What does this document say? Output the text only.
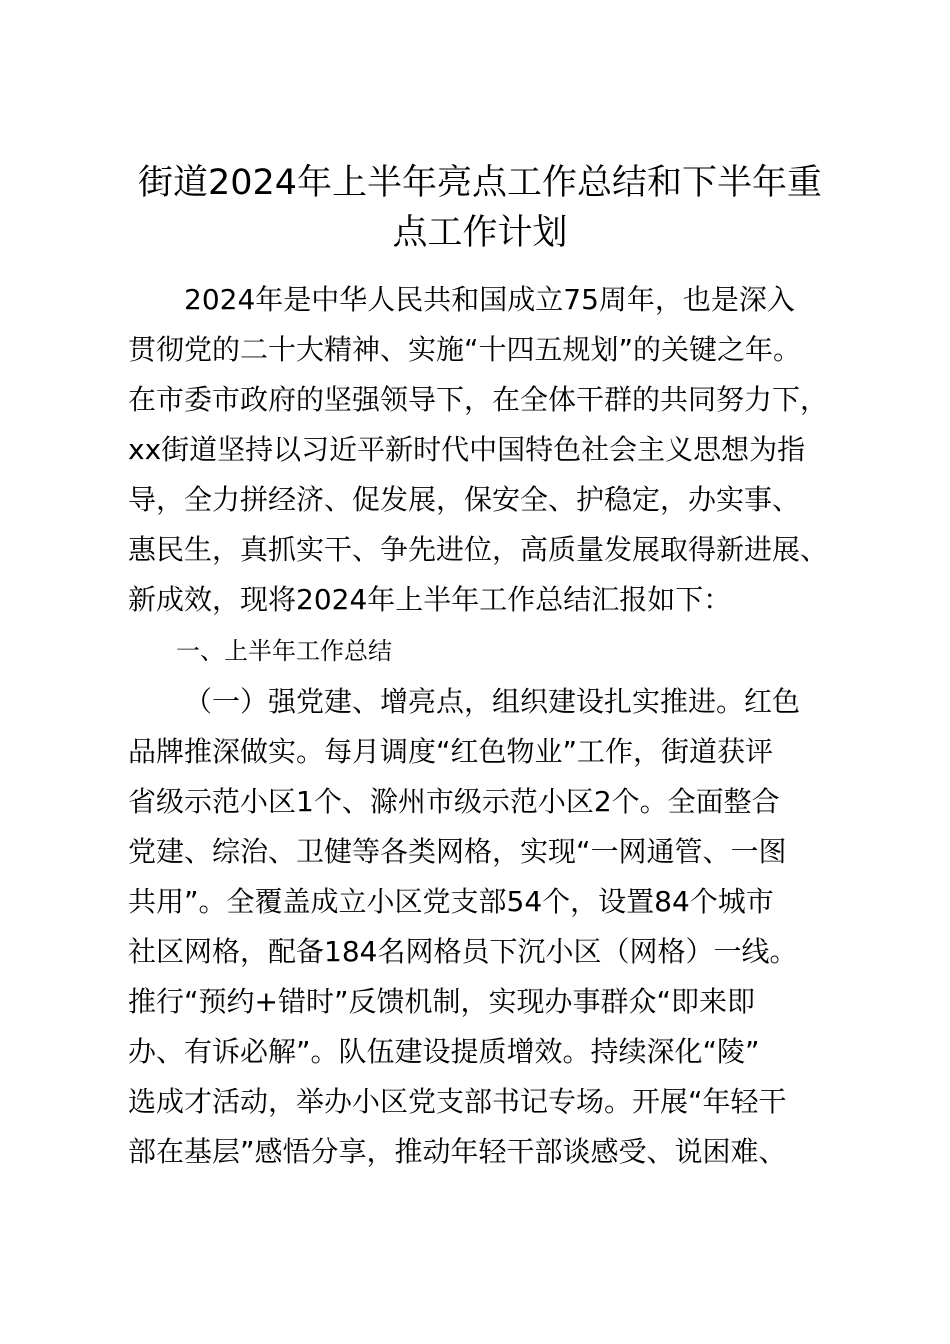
街道2024年上半年亮点工作总结和下半年重
点工作计划
2024年是中华人民共和国成立75周年，也是深入
贯彻党的二十大精神、实施“十四五规划”的关键之年。
在市委市政府的坚强领导下，在全体干群的共同努力下，
xx街道坚持以习近平新时代中国特色社会主义思想为指
导，全力拼经济、促发展，保安全、护稳定，办实事、
惠民生，真抓实干、争先进位，高质量发展取得新进展、
新成效，现将2024年上半年工作总结汇报如下：
一、上半年工作总结
（一）强党建、增亮点，组织建设扎实推进。红色
品牌推深做实。每月调度“红色物业”工作，街道获评
省级示范小区1个、滁州市级示范小区2个。全面整合
党建、综治、卫健等各类网格，实现“一网通管、一图
共用”。全覆盖成立小区党支部54个，设置84个城市
社区网格，配备184名网格员下沉小区（网格）一线。
推行“预约+错时”反馈机制，实现办事群众“即来即
办、有诉必解”。队伍建设提质增效。持续深化“陵”
选成才活动，举办小区党支部书记专场。开展“年轻干
部在基层”感悟分享，推动年轻干部谈感受、说困难、
